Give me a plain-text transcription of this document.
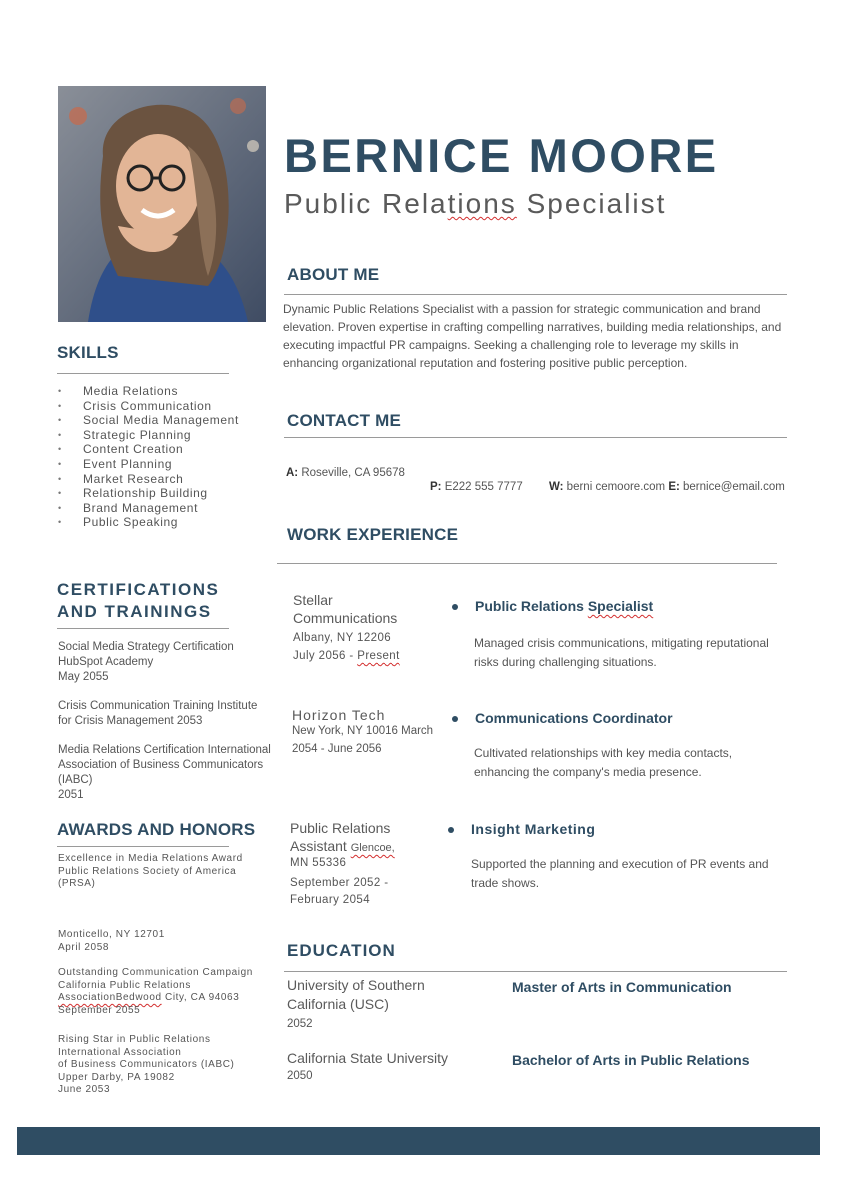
BERNICE MOORE
Public Relations Specialist
ABOUT ME
Dynamic Public Relations Specialist with a passion for strategic communication and brand elevation. Proven expertise in crafting compelling narratives, building media relationships, and executing impactful PR campaigns. Seeking a challenging role to leverage my skills in enhancing organizational reputation and fostering positive public perception.
SKILLS
• Media Relations
• Crisis Communication
• Social Media Management
• Strategic Planning
• Content Creation
• Event Planning
• Market Research
• Relationship Building
• Brand Management
• Public Speaking
CERTIFICATIONS
AND TRAININGS
Social Media Strategy Certification
HubSpot Academy
May 2055
Crisis Communication Training Institute
for Crisis Management 2053
Media Relations Certification International
Association of Business Communicators
(IABC)
2051
AWARDS AND HONORS
Excellence in Media Relations Award
Public Relations Society of America
(PRSA)
Monticello, NY 12701
April 2058
Outstanding Communication Campaign
California Public Relations
AssociationBedwood City, CA 94063
September 2055
Rising Star in Public Relations
International Association
of Business Communicators (IABC)
Upper Darby, PA 19082
June 2053
CONTACT ME
A: Roseville, CA 95678
P: E222 555 7777 W: berni cemoore.com E: bernice@email.com
WORK EXPERIENCE
Stellar
Communications
Albany, NY 12206
July 2056 - Present
Public Relations Specialist
Managed crisis communications, mitigating reputational risks during challenging situations.
Horizon Tech
New York, NY 10016 March
2054 - June 2056
Communications Coordinator
Cultivated relationships with key media contacts, enhancing the company's media presence.
Public Relations
Assistant Glencoe,
MN 55336
September 2052 -
February 2054
Insight Marketing
Supported the planning and execution of PR events and trade shows.
EDUCATION
University of Southern
California (USC)
2052
Master of Arts in Communication
California State University
2050
Bachelor of Arts in Public Relations
